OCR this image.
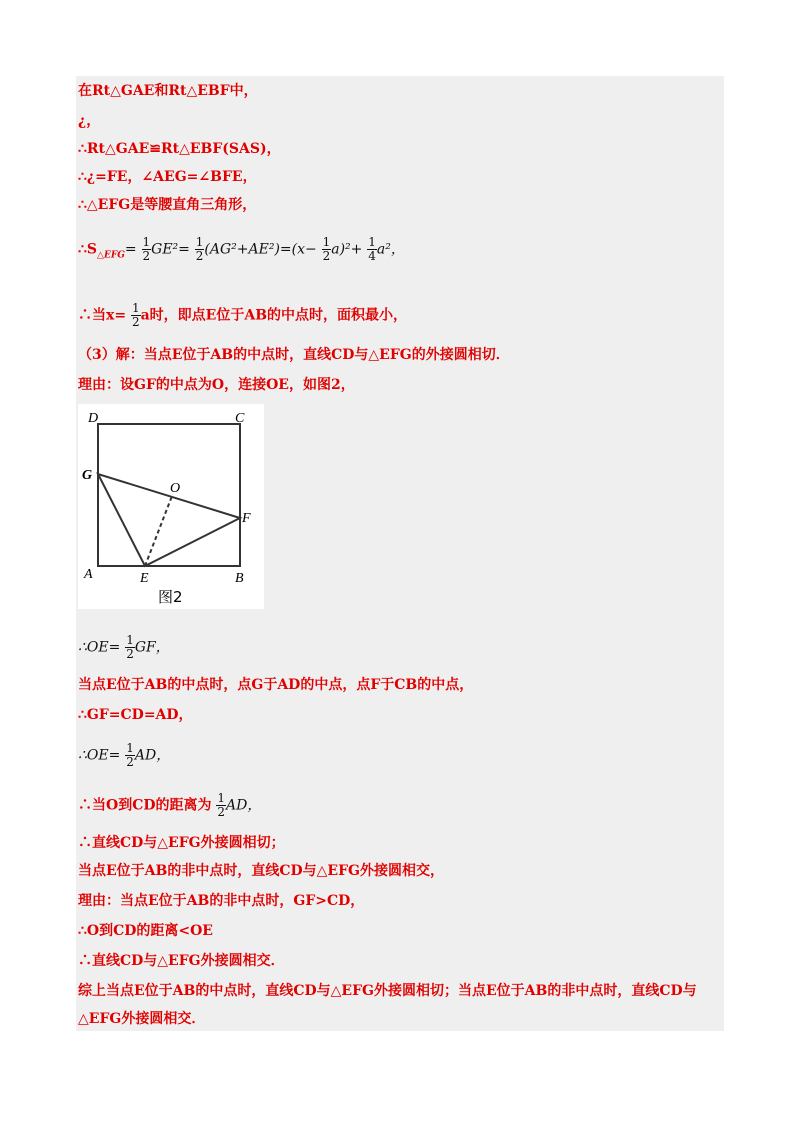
在Rt△GAE和Rt△EBF中，
¿，
∴Rt△GAE≌Rt△EBF(SAS)，
∴¿=FE，∠AEG=∠BFE，
∴△EFG是等腰直角三角形，
$\therefore S_{\triangle EFG}= \frac{1}{2} GE^2= \frac{1}{2} (AG^2+AE^2)=(x- \frac{1}{2} a)^2+ \frac{1}{4} a^2$，
∴当$x= \frac{1}{2}$ a时，即点E位于AB的中点时，面积最小，
（3）解：当点E位于AB的中点时，直线CD与△EFG的外接圆相切．
理由：设GF的中点为O，连接OE，如图2，
D	C
G
O
F
A	E	B
图2
∴OE= $\frac{1}{2}$ GF，
当点E位于AB的中点时，点G于AD的中点，点F于CB的中点，
∴GF=CD=AD，
∴OE= $\frac{1}{2}$ AD，
∴当O到CD的距离为 $\frac{1}{2}$ AD，
∴直线CD与△EFG外接圆相切；
当点E位于AB的非中点时，直线CD与△EFG外接圆相交，
理由：当点E位于AB的非中点时，GF>CD，
∴O到CD的距离<OE
∴直线CD与△EFG外接圆相交．
综上当点E位于AB的中点时，直线CD与△EFG外接圆相切；当点E位于AB的非中点时，直线CD与
△EFG外接圆相交．
